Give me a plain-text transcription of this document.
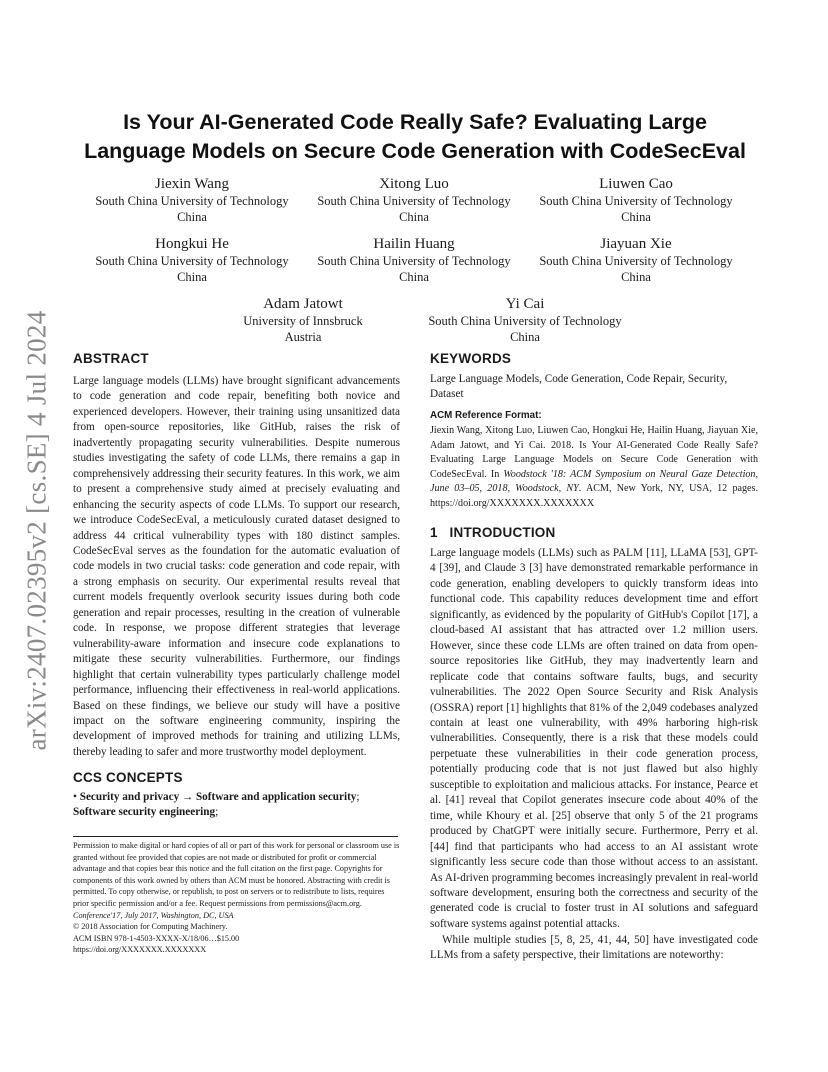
arXiv:2407.02395v2 [cs.SE] 4 Jul 2024
Is Your AI-Generated Code Really Safe? Evaluating Large Language Models on Secure Code Generation with CodeSecEval
Jiexin Wang
South China University of Technology
China
Xitong Luo
South China University of Technology
China
Liuwen Cao
South China University of Technology
China
Hongkui He
South China University of Technology
China
Hailin Huang
South China University of Technology
China
Jiayuan Xie
South China University of Technology
China
Adam Jatowt
University of Innsbruck
Austria
Yi Cai
South China University of Technology
China
ABSTRACT

Large language models (LLMs) have brought significant advancements to code generation and code repair, benefiting both novice and experienced developers. However, their training using unsanitized data from open-source repositories, like GitHub, raises the risk of inadvertently propagating security vulnerabilities. Despite numerous studies investigating the safety of code LLMs, there remains a gap in comprehensively addressing their security features. In this work, we aim to present a comprehensive study aimed at precisely evaluating and enhancing the security aspects of code LLMs. To support our research, we introduce CodeSecEval, a meticulously curated dataset designed to address 44 critical vulnerability types with 180 distinct samples. CodeSecEval serves as the foundation for the automatic evaluation of code models in two crucial tasks: code generation and code repair, with a strong emphasis on security. Our experimental results reveal that current models frequently overlook security issues during both code generation and repair processes, resulting in the creation of vulnerable code. In response, we propose different strategies that leverage vulnerability-aware information and insecure code explanations to mitigate these security vulnerabilities. Furthermore, our findings highlight that certain vulnerability types particularly challenge model performance, influencing their effectiveness in real-world applications. Based on these findings, we believe our study will have a positive impact on the software engineering community, inspiring the development of improved methods for training and utilizing LLMs, thereby leading to safer and more trustworthy model deployment.

CCS CONCEPTS

• Security and privacy → Software and application security;
Software security engineering;

Permission to make digital or hard copies of all or part of this work for personal or classroom use is granted without fee provided that copies are not made or distributed for profit or commercial advantage and that copies bear this notice and the full citation on the first page. Copyrights for components of this work owned by others than ACM must be honored. Abstracting with credit is permitted. To copy otherwise, or republish, to post on servers or to redistribute to lists, requires prior specific permission and/or a fee. Request permissions from permissions@acm.org.

Conference'17, July 2017, Washington, DC, USA

© 2018 Association for Computing Machinery.

ACM ISBN 978-1-4503-XXXX-X/18/06…$15.00

https://doi.org/XXXXXXX.XXXXXXX

KEYWORDS

Large Language Models, Code Generation, Code Repair, Security, Dataset

ACM Reference Format:

Jiexin Wang, Xitong Luo, Liuwen Cao, Hongkui He, Hailin Huang, Jiayuan Xie, Adam Jatowt, and Yi Cai. 2018. Is Your AI-Generated Code Really Safe? Evaluating Large Language Models on Secure Code Generation with CodeSecEval. In Woodstock '18: ACM Symposium on Neural Gaze Detection, June 03–05, 2018, Woodstock, NY. ACM, New York, NY, USA, 12 pages. https://doi.org/XXXXXXX.XXXXXXX

1   INTRODUCTION

Large language models (LLMs) such as PALM [11], LLaMA [53], GPT-4 [39], and Claude 3 [3] have demonstrated remarkable performance in code generation, enabling developers to quickly transform ideas into functional code. This capability reduces development time and effort significantly, as evidenced by the popularity of GitHub's Copilot [17], a cloud-based AI assistant that has attracted over 1.2 million users. However, since these code LLMs are often trained on data from open-source repositories like GitHub, they may inadvertently learn and replicate code that contains software faults, bugs, and security vulnerabilities. The 2022 Open Source Security and Risk Analysis (OSSRA) report [1] highlights that 81% of the 2,049 codebases analyzed contain at least one vulnerability, with 49% harboring high-risk vulnerabilities. Consequently, there is a risk that these models could perpetuate these vulnerabilities in their code generation process, potentially producing code that is not just flawed but also highly susceptible to exploitation and malicious attacks. For instance, Pearce et al. [41] reveal that Copilot generates insecure code about 40% of the time, while Khoury et al. [25] observe that only 5 of the 21 programs produced by ChatGPT were initially secure. Furthermore, Perry et al. [44] find that participants who had access to an AI assistant wrote significantly less secure code than those without access to an assistant. As AI-driven programming becomes increasingly prevalent in real-world software development, ensuring both the correctness and security of the generated code is crucial to foster trust in AI solutions and safeguard software systems against potential attacks.

While multiple studies [5, 8, 25, 41, 44, 50] have investigated code LLMs from a safety perspective, their limitations are noteworthy:
